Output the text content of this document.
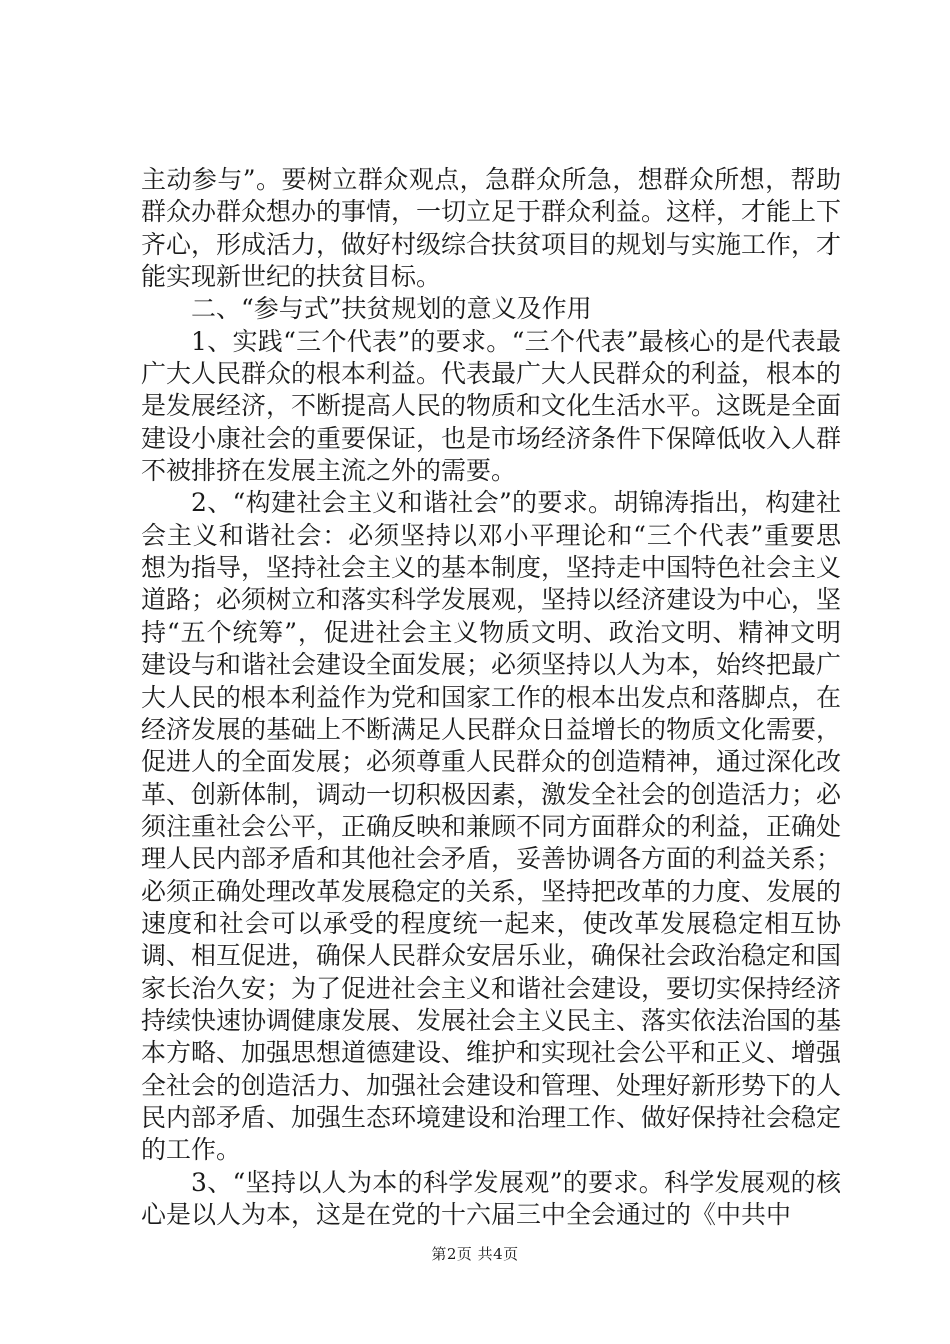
主动参与”。要树立群众观点，急群众所急，想群众所想，帮助群众办群众想办的事情，一切立足于群众利益。这样，才能上下齐心，形成活力，做好村级综合扶贫项目的规划与实施工作，才能实现新世纪的扶贫目标。

二、“参与式”扶贫规划的意义及作用

1、实践“三个代表”的要求。“三个代表”最核心的是代表最广大人民群众的根本利益。代表最广大人民群众的利益，根本的是发展经济，不断提高人民的物质和文化生活水平。这既是全面建设小康社会的重要保证，也是市场经济条件下保障低收入人群不被排挤在发展主流之外的需要。

2、“构建社会主义和谐社会”的要求。胡锦涛指出，构建社会主义和谐社会：必须坚持以邓小平理论和“三个代表”重要思想为指导，坚持社会主义的基本制度，坚持走中国特色社会主义道路；必须树立和落实科学发展观，坚持以经济建设为中心，坚持“五个统筹”，促进社会主义物质文明、政治文明、精神文明建设与和谐社会建设全面发展；必须坚持以人为本，始终把最广大人民的根本利益作为党和国家工作的根本出发点和落脚点，在经济发展的基础上不断满足人民群众日益增长的物质文化需要，促进人的全面发展；必须尊重人民群众的创造精神，通过深化改革、创新体制，调动一切积极因素，激发全社会的创造活力；必须注重社会公平，正确反映和兼顾不同方面群众的利益，正确处理人民内部矛盾和其他社会矛盾，妥善协调各方面的利益关系；必须正确处理改革发展稳定的关系，坚持把改革的力度、发展的速度和社会可以承受的程度统一起来，使改革发展稳定相互协调、相互促进，确保人民群众安居乐业，确保社会政治稳定和国家长治久安；为了促进社会主义和谐社会建设，要切实保持经济持续快速协调健康发展、发展社会主义民主、落实依法治国的基本方略、加强思想道德建设、维护和实现社会公平和正义、增强全社会的创造活力、加强社会建设和管理、处理好新形势下的人民内部矛盾、加强生态环境建设和治理工作、做好保持社会稳定的工作。

3、“坚持以人为本的科学发展观”的要求。科学发展观的核心是以人为本，这是在党的十六届三中全会通过的《中共中

第2页 共4页
